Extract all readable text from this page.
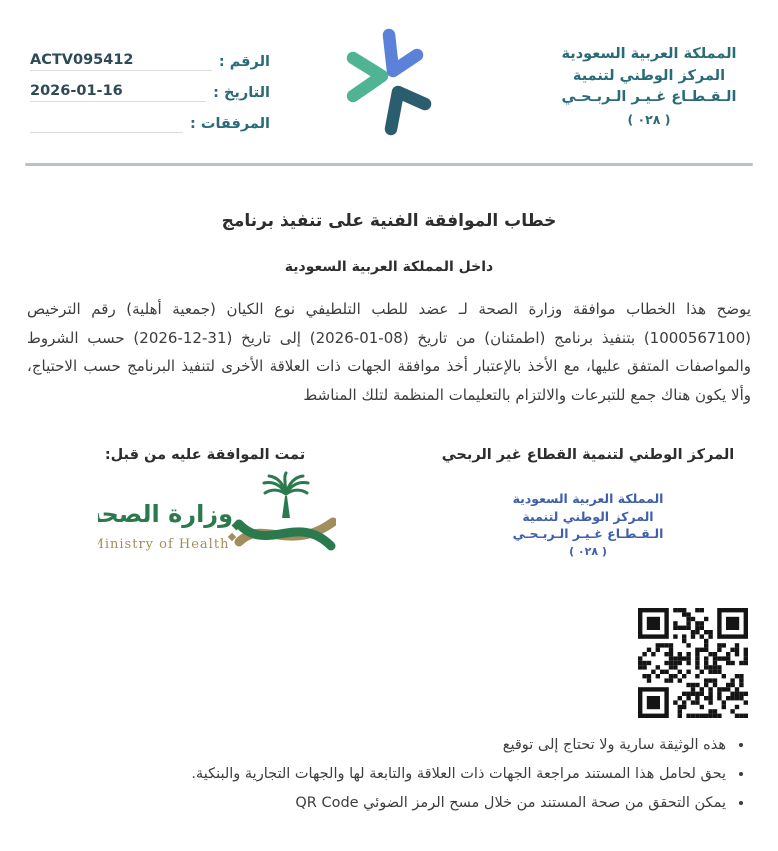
الرقم :
ACTV095412
التاريخ :
2026-01-16
المرفقات :
المملكة العربية السعودية
المركز الوطني لتنمية
الـقـطـاع غـيـر الـربـحـي
( ٠٢٨ )
خطاب الموافقة الفنية على تنفيذ برنامج
داخل المملكة العربية السعودية
يوضح هذا الخطاب موافقة وزارة الصحة لـ عضد للطب التلطيفي نوع الكيان (جمعية أهلية) رقم الترخيص (1000567100) بتنفيذ برنامج (اطمئنان) من تاريخ (08-01-2026) إلى تاريخ (31-12-2026) حسب الشروط والمواصفات المتفق عليها، مع الأخذ بالإعتبار أخذ موافقة الجهات ذات العلاقة الأخرى لتنفيذ البرنامج حسب الاحتياج، وألا يكون هناك جمع للتبرعات والالتزام بالتعليمات المنظمة لتلك المناشط
المركز الوطني لتنمية القطاع غير الربحي
المملكة العربية السعودية
المركز الوطني لتنمية
الـقـطـاع غـيـر الـربـحـي
( ٠٢٨ )
تمت الموافقة عليه من قبل:
وزارة الصحة
Ministry of Health
• هذه الوثيقة سارية ولا تحتاج إلى توقيع
• يحق لحامل هذا المستند مراجعة الجهات ذات العلاقة والتابعة لها والجهات التجارية والبنكية.
• يمكن التحقق من صحة المستند من خلال مسح الرمز الضوئي QR Code
